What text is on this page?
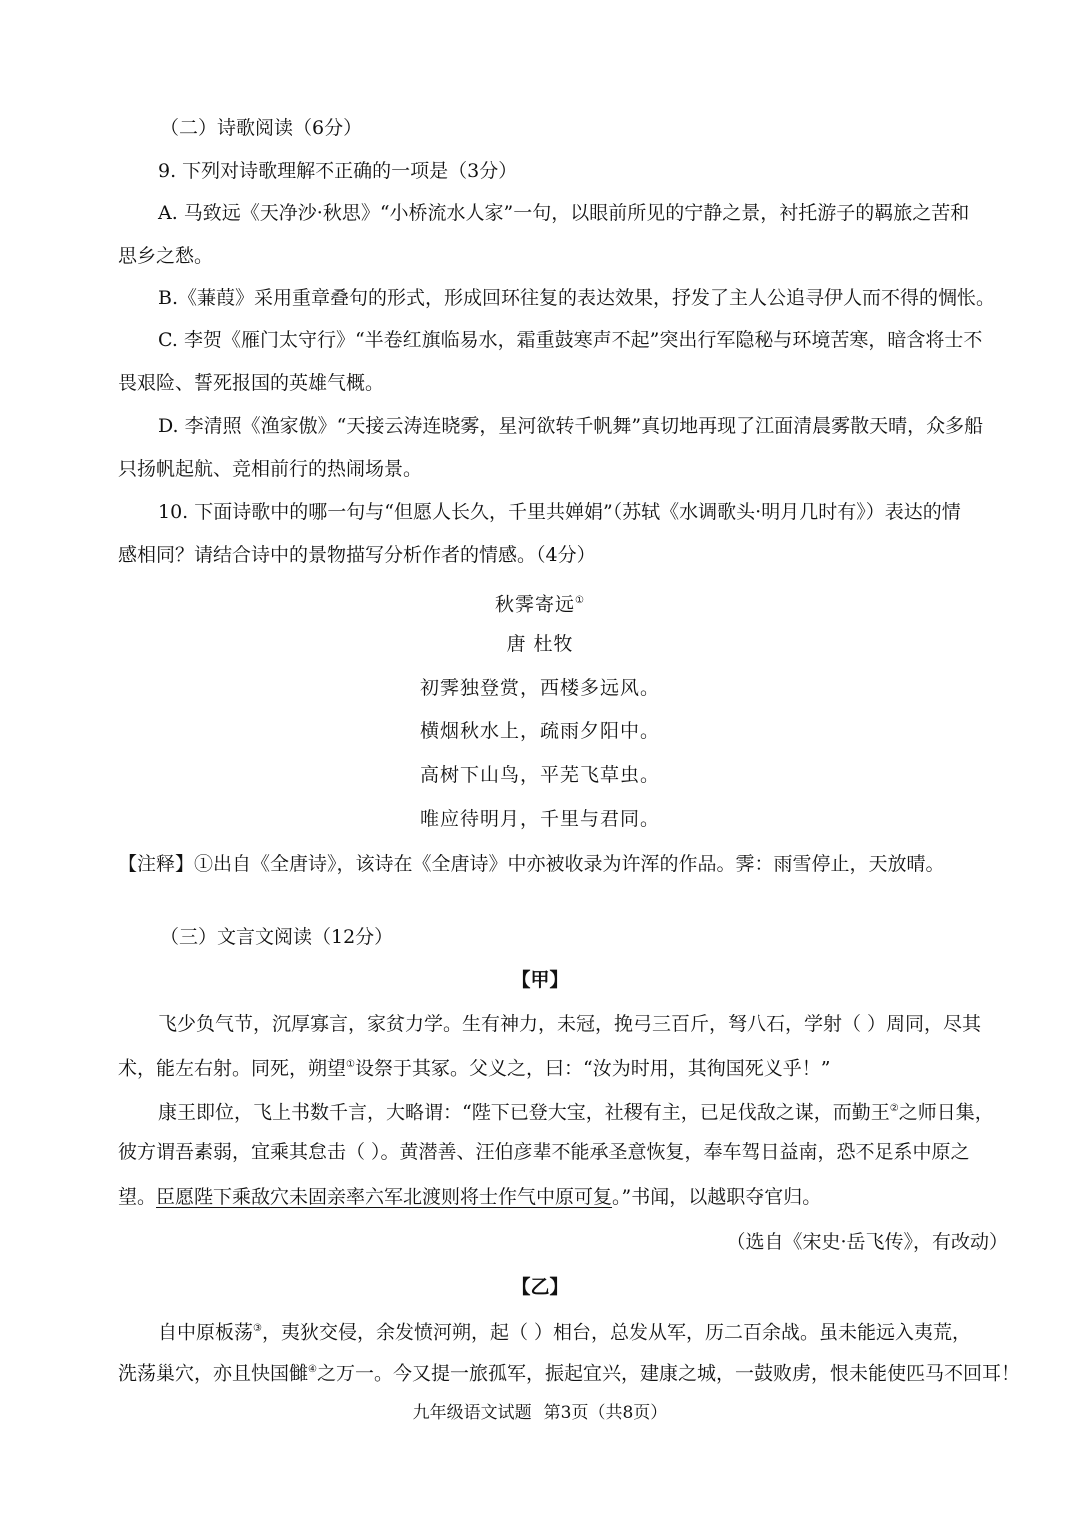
（二）诗歌阅读（6分）
9. 下列对诗歌理解不正确的一项是（3分）
A. 马致远《天净沙·秋思》“小桥流水人家”一句，以眼前所见的宁静之景，衬托游子的羁旅之苦和
思乡之愁。
B.《蒹葭》采用重章叠句的形式，形成回环往复的表达效果，抒发了主人公追寻伊人而不得的惆怅。
C. 李贺《雁门太守行》“半卷红旗临易水，霜重鼓寒声不起”突出行军隐秘与环境苦寒，暗含将士不
畏艰险、誓死报国的英雄气概。
D. 李清照《渔家傲》“天接云涛连晓雾，星河欲转千帆舞”真切地再现了江面清晨雾散天晴，众多船
只扬帆起航、竞相前行的热闹场景。
10. 下面诗歌中的哪一句与“但愿人长久，千里共婵娟”（苏轼《水调歌头·明月几时有》）表达的情
感相同？请结合诗中的景物描写分析作者的情感。（4分）
秋霁寄远①
唐 杜牧
初霁独登赏，西楼多远风。
横烟秋水上，疏雨夕阳中。
高树下山鸟，平芜飞草虫。
唯应待明月，千里与君同。
【注释】①出自《全唐诗》，该诗在《全唐诗》中亦被收录为许浑的作品。霁：雨雪停止，天放晴。
（三）文言文阅读（12分）
【甲】
飞少负气节，沉厚寡言，家贫力学。生有神力，未冠，挽弓三百斤，弩八石，学射（ ）周同，尽其
术，能左右射。同死，朔望①设祭于其冢。父义之，曰：“汝为时用，其徇国死义乎！”
康王即位，飞上书数千言，大略谓：“陛下已登大宝，社稷有主，已足伐敌之谋，而勤王②之师日集，
彼方谓吾素弱，宜乘其怠击（ ）。黄潜善、汪伯彦辈不能承圣意恢复，奉车驾日益南，恐不足系中原之
望。臣愿陛下乘敌穴未固亲率六军北渡则将士作气中原可复。”书闻，以越职夺官归。
（选自《宋史·岳飞传》，有改动）
【乙】
自中原板荡③，夷狄交侵，余发愤河朔，起（ ）相台，总发从军，历二百余战。虽未能远入夷荒，
洗荡巢穴，亦且快国雠④之万一。今又提一旅孤军，振起宜兴，建康之城，一鼓败虏，恨未能使匹马不回耳！
九年级语文试题 第3页（共8页）
